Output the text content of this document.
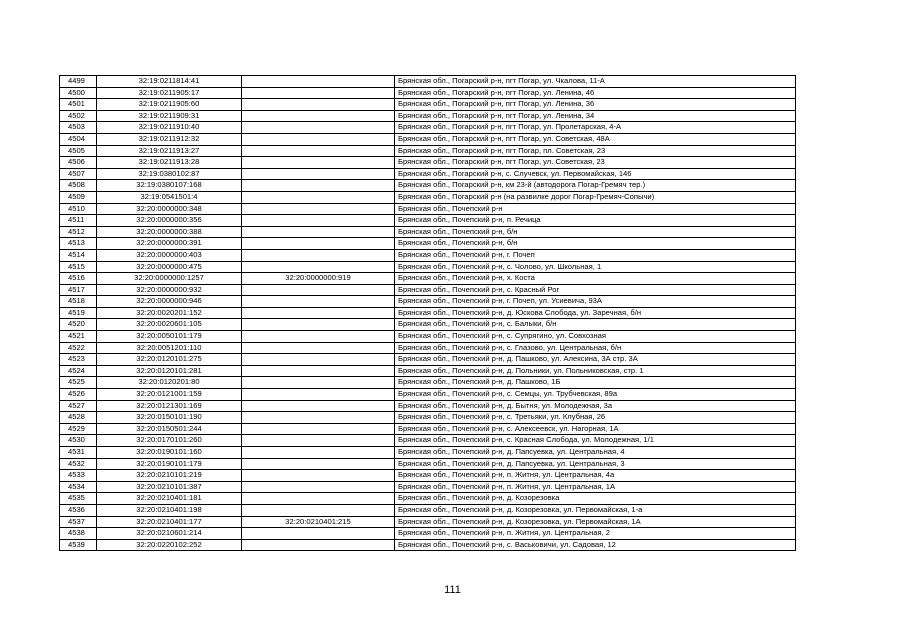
4499	32:19:0211814:41		Брянская обл., Погарский р-н, пгт Погар, ул. Чкалова, 11-А
4500	32:19:0211905:17		Брянская обл., Погарский р-н, пгт Погар, ул. Ленина, 46
4501	32:19:0211905:60		Брянская обл., Погарский р-н, пгт Погар, ул. Ленина, 36
4502	32:19:0211909:31		Брянская обл., Погарский р-н, пгт Погар, ул. Ленина, 34
4503	32:19:0211910:40		Брянская обл., Погарский р-н, пгт Погар, ул. Пролетарская, 4-А
4504	32:19:0211912:32		Брянская обл., Погарский р-н, пгт Погар, ул. Советская, 48А
4505	32:19:0211913:27		Брянская обл., Погарский р-н, пгт Погар, пл. Советская, 23
4506	32:19:0211913:28		Брянская обл., Погарский р-н, пгт Погар, ул. Советская, 23
4507	32:19:0380102:87		Брянская обл., Погарский р-н, с. Случевск, ул. Первомайская, 146
4508	32:19:0380107:168		Брянская обл., Погарский р-н, км 23-й (автодорога Погар-Гремяч тер.)
4509	32:19:0541501:4		Брянская обл., Погарский р-н (на развилке дорог Погар-Гремяч-Сопычи)
4510	32:20:0000000:348		Брянская обл., Почепский р-н
4511	32:20:0000000:356		Брянская обл., Почепский р-н, п. Речица
4512	32:20:0000000:388		Брянская обл., Почепский р-н, б/н
4513	32:20:0000000:391		Брянская обл., Почепский р-н, б/н
4514	32:20:0000000:403		Брянская обл., Почепский р-н, г. Почеп
4515	32:20:0000000:475		Брянская обл., Почепский р-н, с. Чолово, ул. Школьная, 1
4516	32:20:0000000:1257	32:20:0000000:919	Брянская обл., Почепский р-н, х. Коста
4517	32:20:0000000:932		Брянская обл., Почепский р-н, с. Красный Рог
4518	32:20:0000000:946		Брянская обл., Почепский р-н, г. Почеп, ул. Усиевича, 93А
4519	32:20:0020201:152		Брянская обл., Почепский р-н, д. Юскова Слобода, ул. Заречная, б/н
4520	32:20:0020601:105		Брянская обл., Почепский р-н, с. Балыки, б/н
4521	32:20:0050101:179		Брянская обл., Почепский р-н, с. Супрягино, ул. Совхозная
4522	32:20:0051201:110		Брянская обл., Почепский р-н, с. Глазово, ул. Центральная, б/н
4523	32:20:0120101:275		Брянская обл., Почепский р-н, д. Пашково, ул. Алексина, 3А стр. 3А
4524	32:20:0120101:281		Брянская обл., Почепский р-н, д. Польники, ул. Польниковская, стр. 1
4525	32:20:0120201:80		Брянская обл., Почепский р-н, д. Пашково, 1Б
4526	32:20:0121001:159		Брянская обл., Почепский р-н, с. Семцы, ул. Трубчевская, 89а
4527	32:20:0121301:169		Брянская обл., Почепский р-н, д. Бытня, ул. Молодежная, 3а
4528	32:20:0150101:190		Брянская обл., Почепский р-н, с. Третьяки, ул. Клубная, 26
4529	32:20:0150501:244		Брянская обл., Почепский р-н, с. Алексеевск, ул. Нагорная, 1А
4530	32:20:0170101:260		Брянская обл., Почепский р-н, с. Красная Слобода, ул. Молодежная, 1/1
4531	32:20:0190101:160		Брянская обл., Почепский р-н, д. Папсуевка, ул. Центральная, 4
4532	32:20:0190101:179		Брянская обл., Почепский р-н, д. Папсуевка, ул. Центральная, 3
4533	32:20:0210101:219		Брянская обл., Почепский р-н, п. Житня, ул. Центральная, 4а
4534	32:20:0210101:387		Брянская обл., Почепский р-н, п. Житня, ул. Центральная, 1А
4535	32:20:0210401:181		Брянская обл., Почепский р-н, д. Козорезовка
4536	32:20:0210401:198		Брянская обл., Почепский р-н, д. Козорезовка, ул. Первомайская, 1-а
4537	32:20:0210401:177	32:20:0210401:215	Брянская обл., Почепский р-н, д. Козорезовка, ул. Первомайская, 1А
4538	32:20:0210601:214		Брянская обл., Почепский р-н, п. Житня, ул. Центральная, 2
4539	32:20:0220102:252		Брянская обл., Почепский р-н, с. Васьковичи, ул. Садовая, 12
111
